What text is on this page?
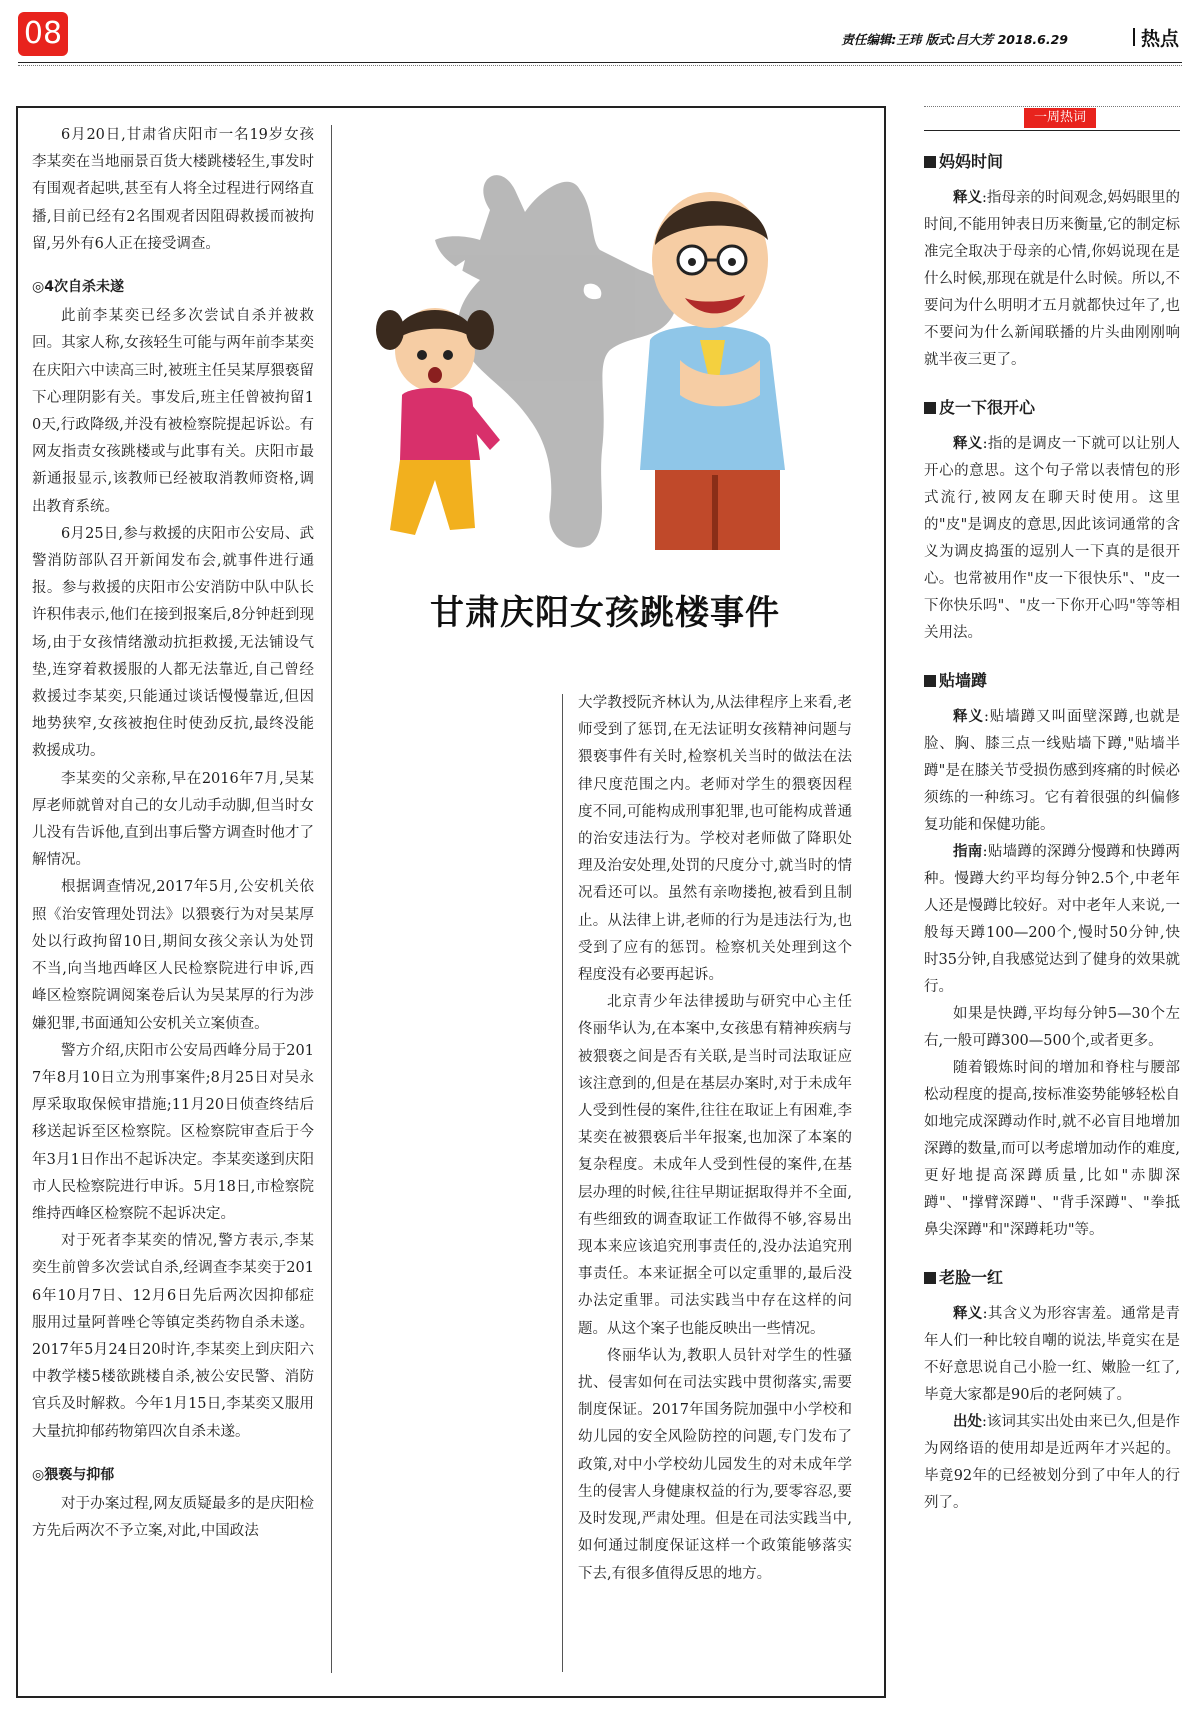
08	责任编辑:王玮 版式:吕大芳 2018.6.29	热点

6月20日,甘肃省庆阳市一名19岁女孩李某奕在当地丽景百货大楼跳楼轻生,事发时有围观者起哄,甚至有人将全过程进行网络直播,目前已经有2名围观者因阻碍救援而被拘留,另外有6人正在接受调查。

◎4次自杀未遂

此前李某奕已经多次尝试自杀并被救回。其家人称,女孩轻生可能与两年前李某奕在庆阳六中读高三时,被班主任吴某厚猥亵留下心理阴影有关。事发后,班主任曾被拘留10天,行政降级,并没有被检察院提起诉讼。有网友指责女孩跳楼或与此事有关。庆阳市最新通报显示,该教师已经被取消教师资格,调出教育系统。

6月25日,参与救援的庆阳市公安局、武警消防部队召开新闻发布会,就事件进行通报。参与救援的庆阳市公安消防中队中队长许积伟表示,他们在接到报案后,8分钟赶到现场,由于女孩情绪激动抗拒救援,无法铺设气垫,连穿着救援服的人都无法靠近,自己曾经救援过李某奕,只能通过谈话慢慢靠近,但因地势狭窄,女孩被抱住时使劲反抗,最终没能救援成功。

李某奕的父亲称,早在2016年7月,吴某厚老师就曾对自己的女儿动手动脚,但当时女儿没有告诉他,直到出事后警方调查时他才了解情况。

根据调查情况,2017年5月,公安机关依照《治安管理处罚法》以猥亵行为对吴某厚处以行政拘留10日,期间女孩父亲认为处罚不当,向当地西峰区人民检察院进行申诉,西峰区检察院调阅案卷后认为吴某厚的行为涉嫌犯罪,书面通知公安机关立案侦查。

警方介绍,庆阳市公安局西峰分局于2017年8月10日立为刑事案件;8月25日对吴永厚采取取保候审措施;11月20日侦查终结后移送起诉至区检察院。区检察院审查后于今年3月1日作出不起诉决定。李某奕遂到庆阳市人民检察院进行申诉。5月18日,市检察院维持西峰区检察院不起诉决定。

对于死者李某奕的情况,警方表示,李某奕生前曾多次尝试自杀,经调查李某奕于2016年10月7日、12月6日先后两次因抑郁症服用过量阿普唑仑等镇定类药物自杀未遂。2017年5月24日20时许,李某奕上到庆阳六中教学楼5楼欲跳楼自杀,被公安民警、消防官兵及时解救。今年1月15日,李某奕又服用大量抗抑郁药物第四次自杀未遂。

◎猥亵与抑郁

对于办案过程,网友质疑最多的是庆阳检方先后两次不予立案,对此,中国政法

甘肃庆阳女孩跳楼事件

大学教授阮齐林认为,从法律程序上来看,老师受到了惩罚,在无法证明女孩精神问题与猥亵事件有关时,检察机关当时的做法在法律尺度范围之内。老师对学生的猥亵因程度不同,可能构成刑事犯罪,也可能构成普通的治安违法行为。学校对老师做了降职处理及治安处理,处罚的尺度分寸,就当时的情况看还可以。虽然有亲吻搂抱,被看到且制止。从法律上讲,老师的行为是违法行为,也受到了应有的惩罚。检察机关处理到这个程度没有必要再起诉。

北京青少年法律援助与研究中心主任佟丽华认为,在本案中,女孩患有精神疾病与被猥亵之间是否有关联,是当时司法取证应该注意到的,但是在基层办案时,对于未成年人受到性侵的案件,往往在取证上有困难,李某奕在被猥亵后半年报案,也加深了本案的复杂程度。未成年人受到性侵的案件,在基层办理的时候,往往早期证据取得并不全面,有些细致的调查取证工作做得不够,容易出现本来应该追究刑事责任的,没办法追究刑事责任。本来证据全可以定重罪的,最后没办法定重罪。司法实践当中存在这样的问题。从这个案子也能反映出一些情况。

佟丽华认为,教职人员针对学生的性骚扰、侵害如何在司法实践中贯彻落实,需要制度保证。2017年国务院加强中小学校和幼儿园的安全风险防控的问题,专门发布了政策,对中小学校幼儿园发生的对未成年学生的侵害人身健康权益的行为,要零容忍,要及时发现,严肃处理。但是在司法实践当中,如何通过制度保证这样一个政策能够落实下去,有很多值得反思的地方。

一周热词
妈妈时间

释义:指母亲的时间观念,妈妈眼里的时间,不能用钟表日历来衡量,它的制定标准完全取决于母亲的心情,你妈说现在是什么时候,那现在就是什么时候。所以,不要问为什么明明才五月就都快过年了,也不要问为什么新闻联播的片头曲刚刚响就半夜三更了。

皮一下很开心

释义:指的是调皮一下就可以让别人开心的意思。这个句子常以表情包的形式流行,被网友在聊天时使用。这里的"皮"是调皮的意思,因此该词通常的含义为调皮捣蛋的逗别人一下真的是很开心。也常被用作"皮一下很快乐"、"皮一下你快乐吗"、"皮一下你开心吗"等等相关用法。

贴墙蹲

释义:贴墙蹲又叫面壁深蹲,也就是脸、胸、膝三点一线贴墙下蹲,"贴墙半蹲"是在膝关节受损伤感到疼痛的时候必须练的一种练习。它有着很强的纠偏修复功能和保健功能。

指南:贴墙蹲的深蹲分慢蹲和快蹲两种。慢蹲大约平均每分钟2.5个,中老年人还是慢蹲比较好。对中老年人来说,一般每天蹲100—200个,慢时50分钟,快时35分钟,自我感觉达到了健身的效果就行。

如果是快蹲,平均每分钟5—30个左右,一般可蹲300—500个,或者更多。

随着锻炼时间的增加和脊柱与腰部松动程度的提高,按标准姿势能够轻松自如地完成深蹲动作时,就不必盲目地增加深蹲的数量,而可以考虑增加动作的难度,更好地提高深蹲质量,比如"赤脚深蹲"、"撑臂深蹲"、"背手深蹲"、"拳抵鼻尖深蹲"和"深蹲耗功"等。

老脸一红

释义:其含义为形容害羞。通常是青年人们一种比较自嘲的说法,毕竟实在是不好意思说自己小脸一红、嫩脸一红了,毕竟大家都是90后的老阿姨了。

出处:该词其实出处由来已久,但是作为网络语的使用却是近两年才兴起的。毕竟92年的已经被划分到了中年人的行列了。
